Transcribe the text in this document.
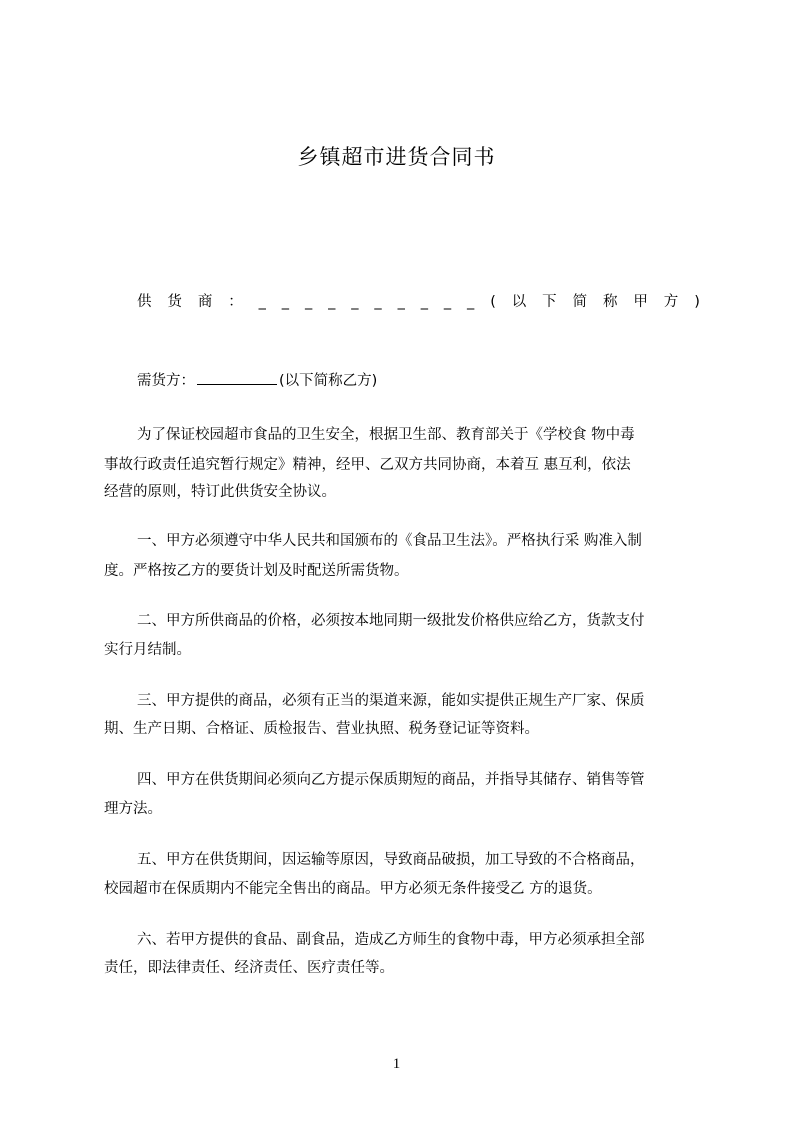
乡镇超市进货合同书
供 货 商 ： _ _ _ _ _ _ _ _ _ _ ( 以 下 简 称 甲 方 )
需货方：	(以下简称乙方)
为了保证校园超市食品的卫生安全，根据卫生部、教育部关于《学校食 物中毒
事故行政责任追究暂行规定》精神，经甲、乙双方共同协商，本着互 惠互利，依法
经营的原则，特订此供货安全协议。
一、甲方必须遵守中华人民共和国颁布的《食品卫生法》。严格执行采 购准入制
度。严格按乙方的要货计划及时配送所需货物。
二、甲方所供商品的价格，必须按本地同期一级批发价格供应给乙方，货款支付
实行月结制。
三、甲方提供的商品，必须有正当的渠道来源，能如实提供正规生产厂家、保质
期、生产日期、合格证、质检报告、营业执照、税务登记证等资料。
四、甲方在供货期间必须向乙方提示保质期短的商品，并指导其储存、销售等管
理方法。
五、甲方在供货期间，因运输等原因，导致商品破损，加工导致的不合格商品，
校园超市在保质期内不能完全售出的商品。甲方必须无条件接受乙 方的退货。
六、若甲方提供的食品、副食品，造成乙方师生的食物中毒，甲方必须承担全部
责任，即法律责任、经济责任、医疗责任等。
1
